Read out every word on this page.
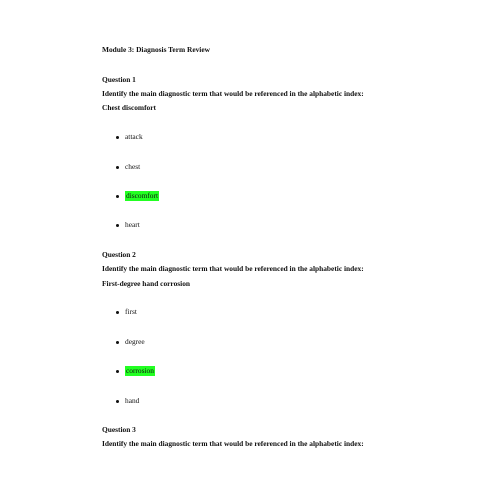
Module 3: Diagnosis Term Review
Question 1
Identify the main diagnostic term that would be referenced in the alphabetic index:
Chest discomfort
attack
chest
discomfort
heart
Question 2
Identify the main diagnostic term that would be referenced in the alphabetic index:
First-degree hand corrosion
first
degree
corrosion
hand
Question 3
Identify the main diagnostic term that would be referenced in the alphabetic index:
